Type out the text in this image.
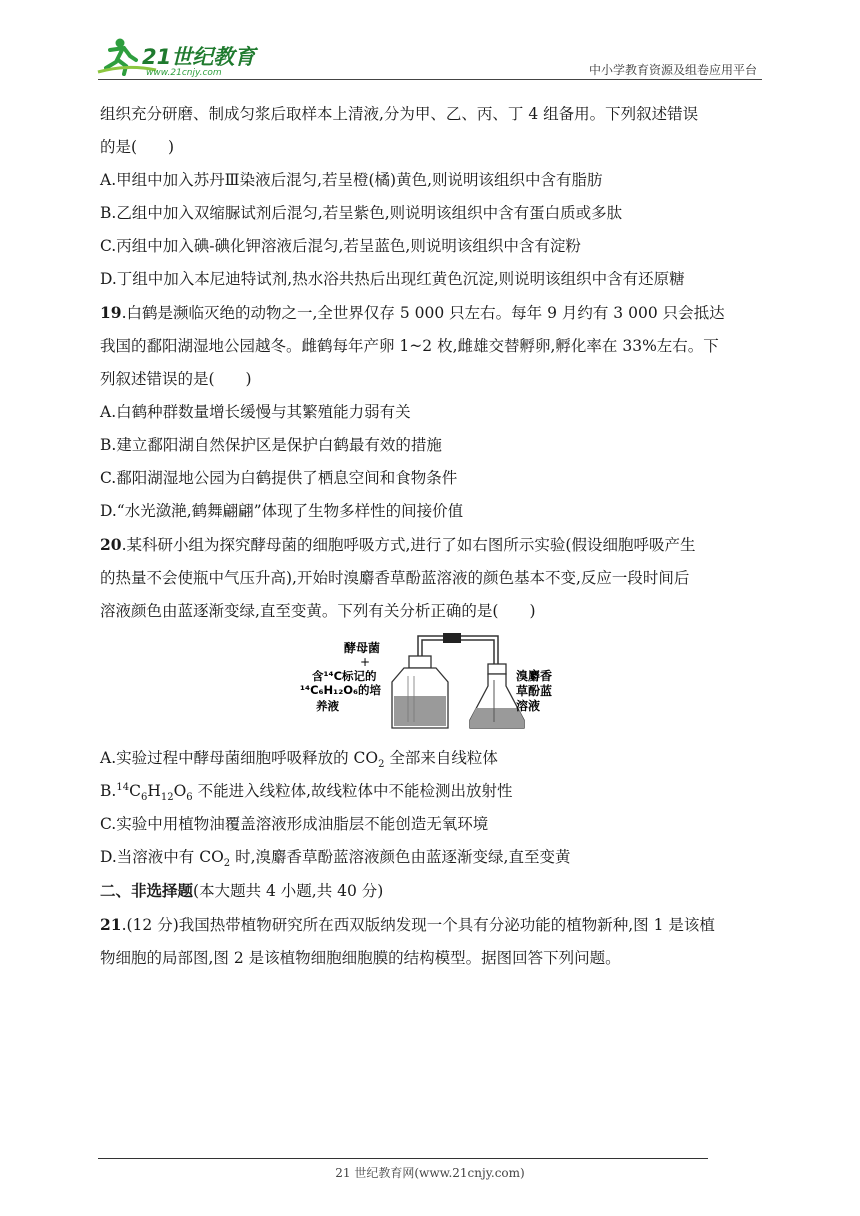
21世纪教育
www.21cnjy.com	中小学教育资源及组卷应用平台

组织充分研磨、制成匀浆后取样本上清液,分为甲、乙、丙、丁 4 组备用。下列叙述错误

的是(　　)

A.甲组中加入苏丹Ⅲ染液后混匀,若呈橙(橘)黄色,则说明该组织中含有脂肪

B.乙组中加入双缩脲试剂后混匀,若呈紫色,则说明该组织中含有蛋白质或多肽

C.丙组中加入碘-碘化钾溶液后混匀,若呈蓝色,则说明该组织中含有淀粉

D.丁组中加入本尼迪特试剂,热水浴共热后出现红黄色沉淀,则说明该组织中含有还原糖

19.白鹤是濒临灭绝的动物之一,全世界仅存 5 000 只左右。每年 9 月约有 3 000 只会抵达

我国的鄱阳湖湿地公园越冬。雌鹤每年产卵 1~2 枚,雌雄交替孵卵,孵化率在 33%左右。下

列叙述错误的是(　　)

A.白鹤种群数量增长缓慢与其繁殖能力弱有关

B.建立鄱阳湖自然保护区是保护白鹤最有效的措施

C.鄱阳湖湿地公园为白鹤提供了栖息空间和食物条件

D.“水光潋滟,鹤舞翩翩”体现了生物多样性的间接价值

20.某科研小组为探究酵母菌的细胞呼吸方式,进行了如右图所示实验(假设细胞呼吸产生

的热量不会使瓶中气压升高),开始时溴麝香草酚蓝溶液的颜色基本不变,反应一段时间后

溶液颜色由蓝逐渐变绿,直至变黄。下列有关分析正确的是(　　)

酵母菌
+
含¹⁴C标记的
¹⁴C₆H₁₂O₆的培
养液
溴麝香
草酚蓝
溶液

A.实验过程中酵母菌细胞呼吸释放的 $CO_2$ 全部来自线粒体

$B.^{14}C_6H_{12}O_6$ 不能进入线粒体,故线粒体中不能检测出放射性

C.实验中用植物油覆盖溶液形成油脂层不能创造无氧环境

D.当溶液中有 $CO_2$ 时,溴麝香草酚蓝溶液颜色由蓝逐渐变绿,直至变黄

二、非选择题(本大题共 4 小题,共 40 分)

21.(12 分)我国热带植物研究所在西双版纳发现一个具有分泌功能的植物新种,图 1 是该植

物细胞的局部图,图 2 是该植物细胞细胞膜的结构模型。据图回答下列问题。

21 世纪教育网(www.21cnjy.com)
